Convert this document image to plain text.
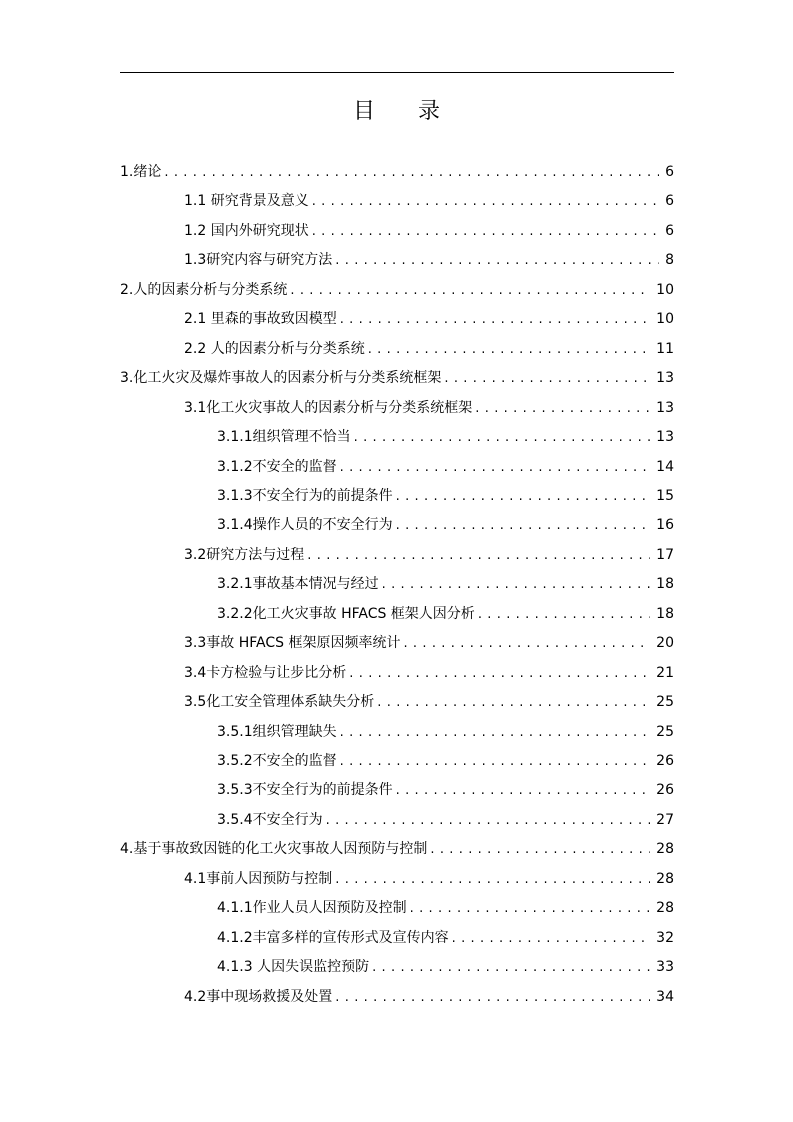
目 录
1.绪论 . . .	6
1.1 研究背景及意义 . . .	6
1.2 国内外研究现状 . . .	6
1.3研究内容与研究方法 . . .	8
2.人的因素分析与分类系统 . . .	10
2.1 里森的事故致因模型 . . .	10
2.2 人的因素分析与分类系统 . . .	11
3.化工火灾及爆炸事故人的因素分析与分类系统框架 . . .	13
3.1化工火灾事故人的因素分析与分类系统框架 . . .	13
3.1.1组织管理不恰当 . . .	13
3.1.2不安全的监督 . . .	14
3.1.3不安全行为的前提条件 . . .	15
3.1.4操作人员的不安全行为 . . .	16
3.2研究方法与过程 . . .	17
3.2.1事故基本情况与经过 . . .	18
3.2.2化工火灾事故 HFACS 框架人因分析 . . .	18
3.3事故 HFACS 框架原因频率统计 . . .	20
3.4卡方检验与让步比分析 . . .	21
3.5化工安全管理体系缺失分析 . . .	25
3.5.1组织管理缺失 . . .	25
3.5.2不安全的监督 . . .	26
3.5.3不安全行为的前提条件 . . .	26
3.5.4不安全行为 . . .	27
4.基于事故致因链的化工火灾事故人因预防与控制 . . .	28
4.1事前人因预防与控制 . . .	28
4.1.1作业人员人因预防及控制 . . .	28
4.1.2丰富多样的宣传形式及宣传内容 . . .	32
4.1.3 人因失误监控预防 . . .	33
4.2事中现场救援及处置 . . .	34
